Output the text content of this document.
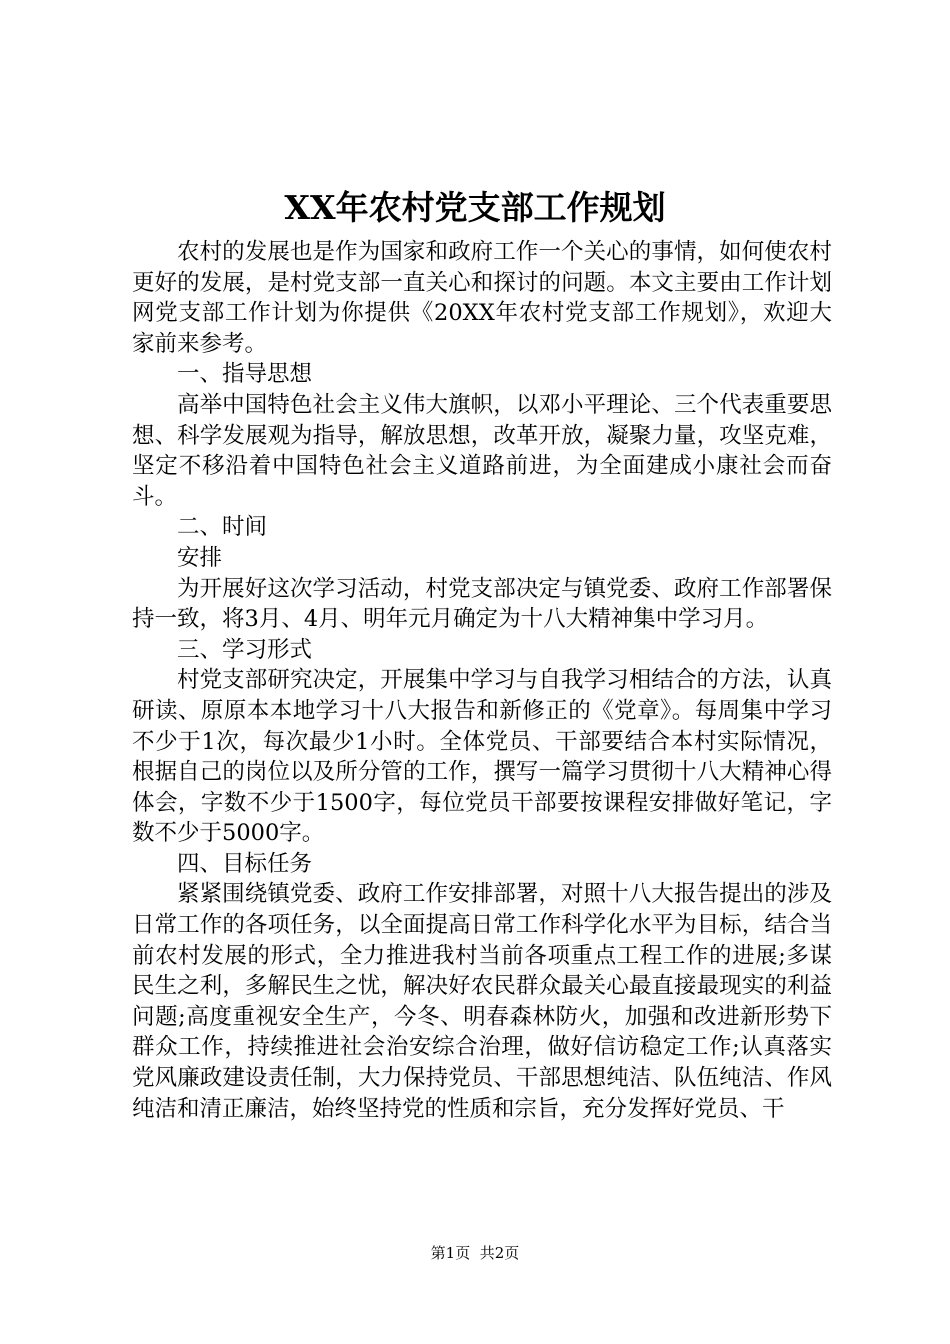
XX年农村党支部工作规划

农村的发展也是作为国家和政府工作一个关心的事情，如何使农村更好的发展，是村党支部一直关心和探讨的问题。本文主要由工作计划网党支部工作计划为你提供《20XX年农村党支部工作规划》，欢迎大家前来参考。

一、指导思想

高举中国特色社会主义伟大旗帜，以邓小平理论、三个代表重要思想、科学发展观为指导，解放思想，改革开放，凝聚力量，攻坚克难，坚定不移沿着中国特色社会主义道路前进，为全面建成小康社会而奋斗。

二、时间

安排

为开展好这次学习活动，村党支部决定与镇党委、政府工作部署保持一致，将3月、4月、明年元月确定为十八大精神集中学习月。

三、学习形式

村党支部研究决定，开展集中学习与自我学习相结合的方法，认真研读、原原本本地学习十八大报告和新修正的《党章》。每周集中学习不少于1次，每次最少1小时。全体党员、干部要结合本村实际情况，根据自己的岗位以及所分管的工作，撰写一篇学习贯彻十八大精神心得体会，字数不少于1500字，每位党员干部要按课程安排做好笔记，字数不少于5000字。

四、目标任务

紧紧围绕镇党委、政府工作安排部署，对照十八大报告提出的涉及日常工作的各项任务，以全面提高日常工作科学化水平为目标，结合当前农村发展的形式，全力推进我村当前各项重点工程工作的进展;多谋民生之利，多解民生之忧，解决好农民群众最关心最直接最现实的利益问题;高度重视安全生产，今冬、明春森林防火，加强和改进新形势下群众工作，持续推进社会治安综合治理，做好信访稳定工作;认真落实党风廉政建设责任制，大力保持党员、干部思想纯洁、队伍纯洁、作风纯洁和清正廉洁，始终坚持党的性质和宗旨，充分发挥好党员、干

第1页 共2页
